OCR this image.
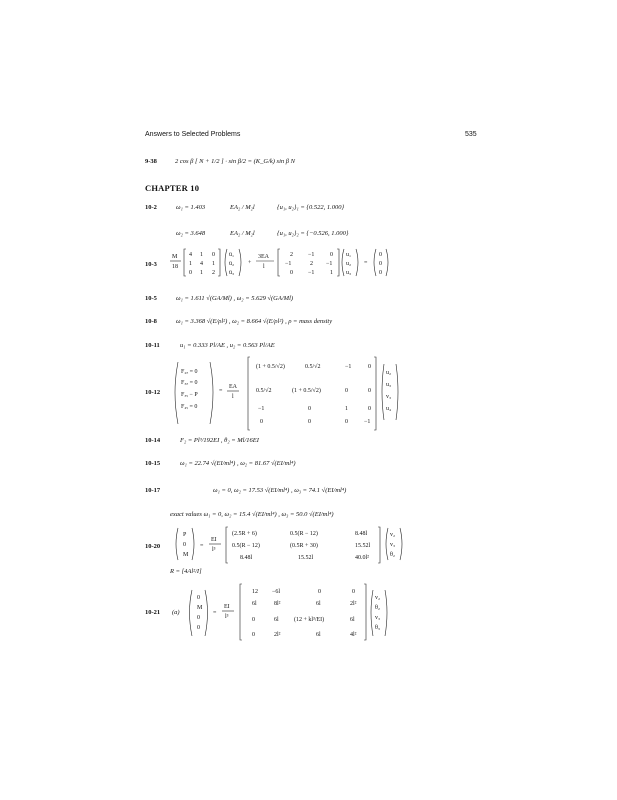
Answers to Selected Problems	535
9-38	2 cos β [ N + 1/2 ] · sin β/2 = (K_G/k) sin β N
CHAPTER 10
10-2	ω₁ = 1.403	EA₂ / M₂l	{u₁, u₂}₁ = {0.522, 1.000}
ω₂ = 3.648	EA₂ / M₂l	{u₁, u₂}₂ = {−0.526, 1.000}
10-3
M
18
4 1 0
1 4 1
0 1 2
ü₁
ü₂
ü₃
+
3EA
l
2	−1	0
−1	2 −1
0	−1	1
u₁
u₂
u₃
=
0
0
0
10-5	ω₁ = 1.611 √(GA/Ml) , ω₂ = 5.629 √(GA/Ml)
10-8	ω₁ = 3.368 √(E/ρl²) , ω₂ = 8.664 √(E/ρl²) , ρ = mass density
10-11	u₁ = 0.333 Pl/AE , u₂ = 0.563 Pl/AE
10-12
F₂ₓ = 0
F₃ₓ = 0
F₃ᵧ − P
F₄ᵧ = 0
=
EA
l
(1 + 0.5/√2)	0.5/√2	−1	0
0.5/√2	(1 + 0.5/√2)	0	0
−1	0	1	0
0	0	0	−1
u₂
u₃
v₃
u₄
10-14	F₂ = Pl³/192EI , θ₂ = Ml/16EI
10-15	ω₁ = 22.74 √(EI/ml⁴) , ω₂ = 81.67 √(EI/ml⁴)
10-17	ω₁ = 0, ω₂ = 17.53 √(EI/ml⁴) , ω₃ = 74.1 √(EI/ml⁴)
exact values ω₁ = 0, ω₂ = 15.4 √(EI/ml⁴) , ω₃ = 50.0 √(EI/ml⁴)
10-20
P
0
M
=
EI
l³
(2.5R + 6)	0.5(R − 12)	8.48l
0.5(R − 12)	(0.5R + 30)	15.52l
8.48l	15.52l	40.0l²
v₂
v₃
θ₂
R = [4Al²/I]
10-21 (a)
0
M
0
0
=
EI
l³
12 −6l	0	0
6l	8l²	6l	2l²
0	6l	(12 + kl³/EI)	6l
0	2l²	6l	4l²
v₂
θ₂
v₃
θ₃
